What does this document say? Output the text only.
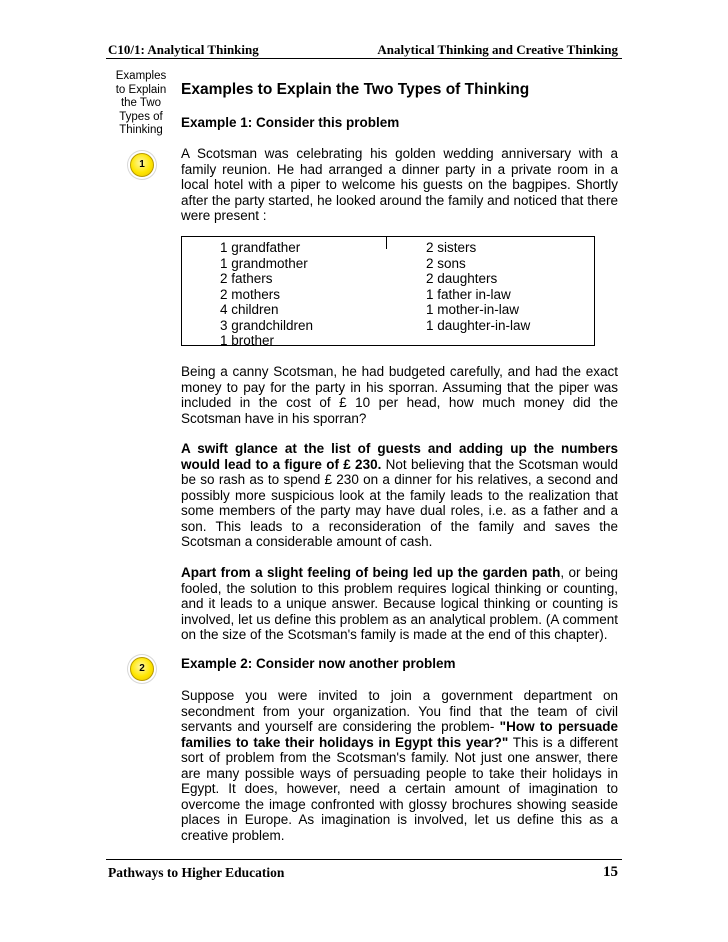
C10/1: Analytical Thinking	Analytical Thinking and Creative Thinking
Examples
to Explain
the Two
Types of
Thinking
1
2
Examples to Explain the Two Types of Thinking
Example 1: Consider this problem

A Scotsman was celebrating his golden wedding anniversary with a family reunion. He had arranged a dinner party in a private room in a local hotel with a piper to welcome his guests on the bagpipes. Shortly after the party started, he looked around the family and noticed that there were present :

1 grandfather
1 grandmother
2 fathers
2 mothers
4 children
3 grandchildren
1 brother
2 sisters
2 sons
2 daughters
1 father in-law
1 mother-in-law
1 daughter-in-law

Being a canny Scotsman, he had budgeted carefully, and had the exact money to pay for the party in his sporran. Assuming that the piper was included in the cost of £ 10 per head, how much money did the Scotsman have in his sporran?

A swift glance at the list of guests and adding up the numbers would lead to a figure of £ 230. Not believing that the Scotsman would be so rash as to spend £ 230 on a dinner for his relatives, a second and possibly more suspicious look at the family leads to the realization that some members of the party may have dual roles, i.e. as a father and a son. This leads to a reconsideration of the family and saves the Scotsman a considerable amount of cash.

Apart from a slight feeling of being led up the garden path, or being fooled, the solution to this problem requires logical thinking or counting, and it leads to a unique answer. Because logical thinking or counting is involved, let us define this problem as an analytical problem. (A comment on the size of the Scotsman's family is made at the end of this chapter).

Example 2: Consider now another problem

Suppose you were invited to join a government department on secondment from your organization. You find that the team of civil servants and yourself are considering the problem- "How to persuade families to take their holidays in Egypt this year?" This is a different sort of problem from the Scotsman's family. Not just one answer, there are many possible ways of persuading people to take their holidays in Egypt. It does, however, need a certain amount of imagination to overcome the image confronted with glossy brochures showing seaside places in Europe. As imagination is involved, let us define this as a creative problem.

Pathways to Higher Education	15
